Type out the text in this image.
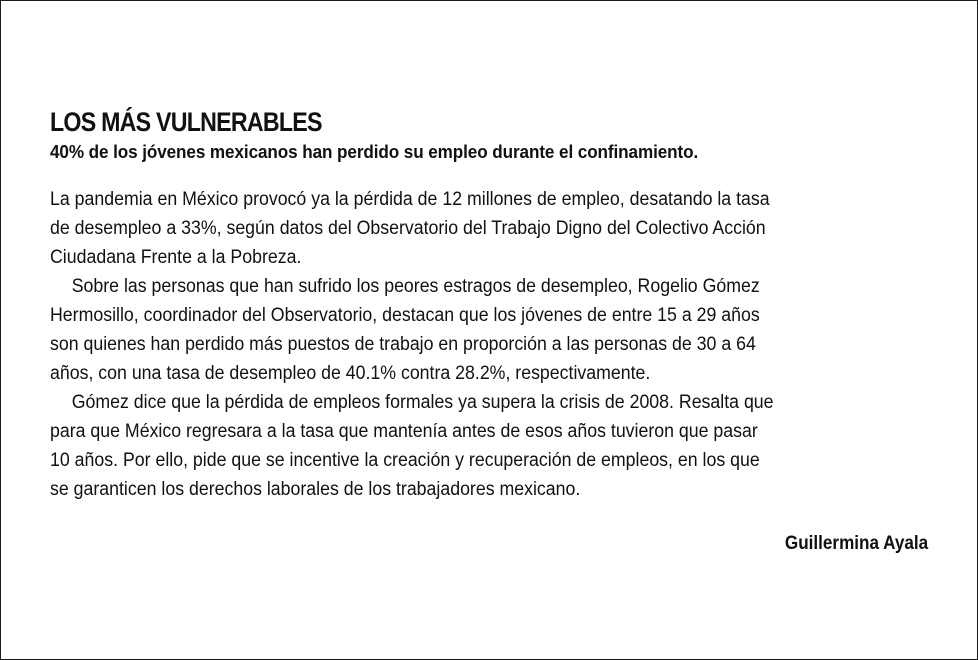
LOS MÁS VULNERABLES

40% de los jóvenes mexicanos han perdido su empleo durante el confinamiento.

La pandemia en México provocó ya la pérdida de 12 millones de empleo, desatando la tasa
de desempleo a 33%, según datos del Observatorio del Trabajo Digno del Colectivo Acción
Ciudadana Frente a la Pobreza.
Sobre las personas que han sufrido los peores estragos de desempleo, Rogelio Gómez
Hermosillo, coordinador del Observatorio, destacan que los jóvenes de entre 15 a 29 años
son quienes han perdido más puestos de trabajo en proporción a las personas de 30 a 64
años, con una tasa de desempleo de 40.1% contra 28.2%, respectivamente.
Gómez dice que la pérdida de empleos formales ya supera la crisis de 2008. Resalta que
para que México regresara a la tasa que mantenía antes de esos años tuvieron que pasar
10 años. Por ello, pide que se incentive la creación y recuperación de empleos, en los que
se garanticen los derechos laborales de los trabajadores mexicano.
Guillermina Ayala
